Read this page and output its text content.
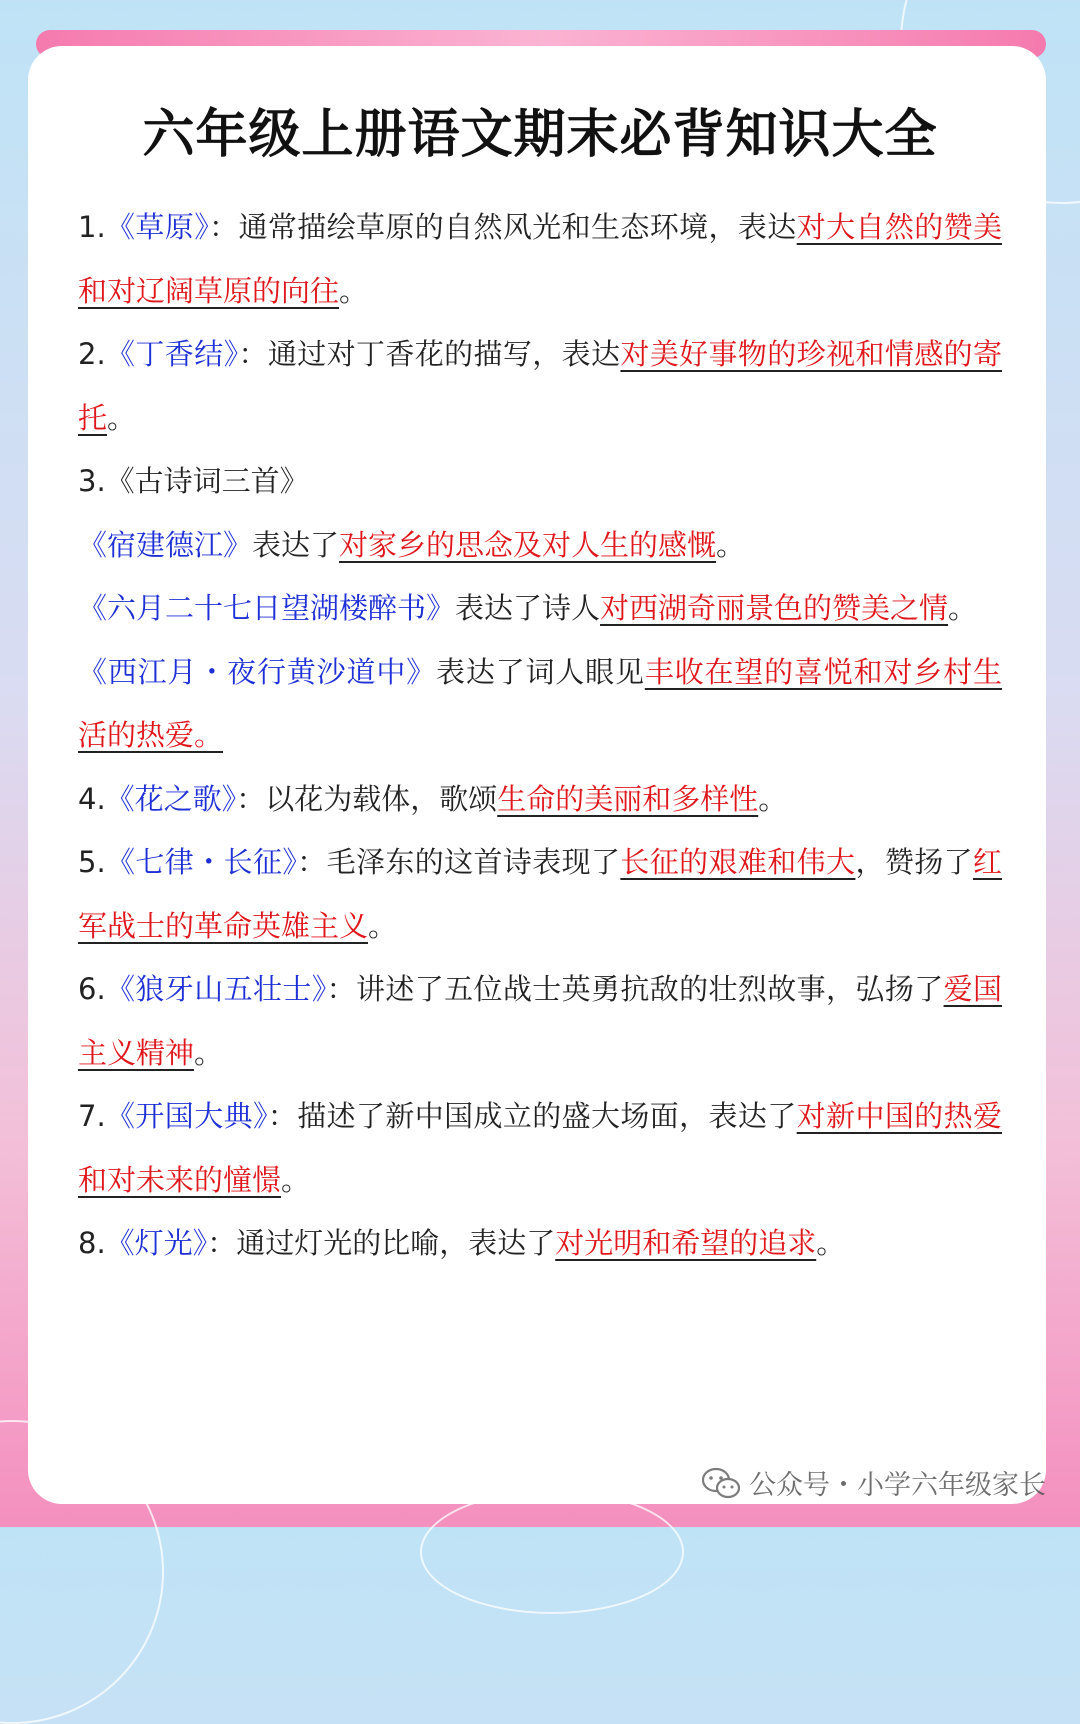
六年级上册语文期末必背知识大全

1.《草原》：通常描绘草原的自然风光和生态环境，表达对大自然的赞美和对辽阔草原的向往。

2.《丁香结》：通过对丁香花的描写，表达对美好事物的珍视和情感的寄托。

3.《古诗词三首》

《宿建德江》表达了对家乡的思念及对人生的感慨。

《六月二十七日望湖楼醉书》表达了诗人对西湖奇丽景色的赞美之情。

《西江月・夜行黄沙道中》表达了词人眼见丰收在望的喜悦和对乡村生活的热爱。

4.《花之歌》：以花为载体，歌颂生命的美丽和多样性。

5.《七律・长征》：毛泽东的这首诗表现了长征的艰难和伟大，赞扬了红军战士的革命英雄主义。

6.《狼牙山五壮士》：讲述了五位战士英勇抗敌的壮烈故事，弘扬了爱国主义精神。

7.《开国大典》：描述了新中国成立的盛大场面，表达了对新中国的热爱和对未来的憧憬。

8.《灯光》：通过灯光的比喻，表达了对光明和希望的追求。

公众号・小学六年级家长
